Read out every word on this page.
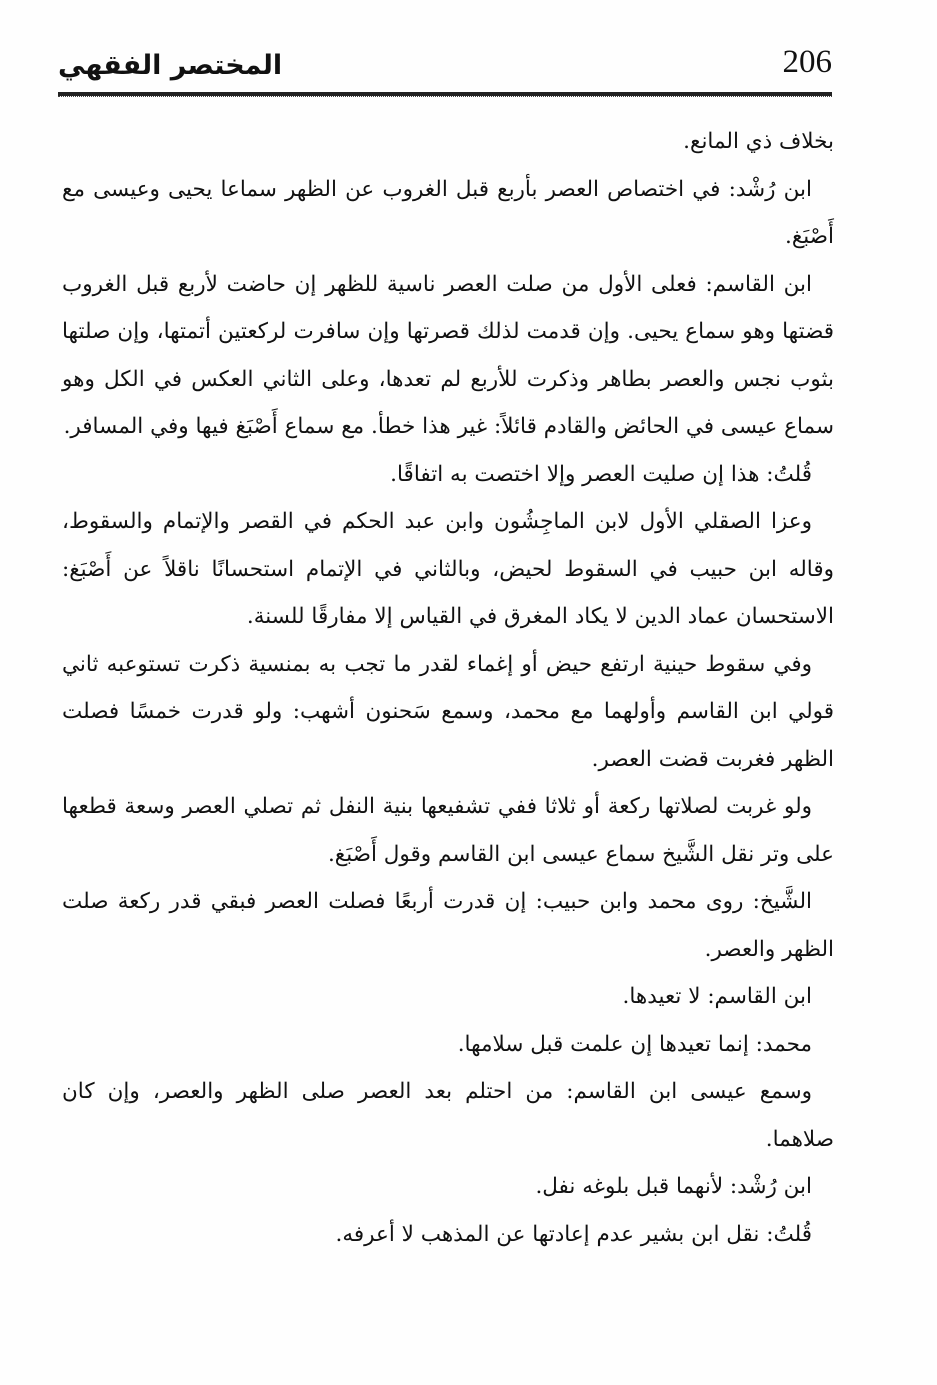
206
المختصر الفقهي

بخلاف ذي المانع.

ابن رُشْد: في اختصاص العصر بأربع قبل الغروب عن الظهر سماعا يحيى وعيسى مع أَصْبَغ.

ابن القاسم: فعلى الأول من صلت العصر ناسية للظهر إن حاضت لأربع قبل الغروب قضتها وهو سماع يحيى. وإن قدمت لذلك قصرتها وإن سافرت لركعتين أتمتها، وإن صلتها بثوب نجس والعصر بطاهر وذكرت للأربع لم تعدها، وعلى الثاني العكس في الكل وهو سماع عيسى في الحائض والقادم قائلاً: غير هذا خطأ. مع سماع أَصْبَغ فيها وفي المسافر.

قُلتُ: هذا إن صليت العصر وإلا اختصت به اتفاقًا.

وعزا الصقلي الأول لابن الماجِشُون وابن عبد الحكم في القصر والإتمام والسقوط، وقاله ابن حبيب في السقوط لحيض، وبالثاني في الإتمام استحسانًا ناقلاً عن أَصْبَغ: الاستحسان عماد الدين لا يكاد المغرق في القياس إلا مفارقًا للسنة.

وفي سقوط حينية ارتفع حيض أو إغماء لقدر ما تجب به بمنسية ذكرت تستوعبه ثاني قولي ابن القاسم وأولهما مع محمد، وسمع سَحنون أشهب: ولو قدرت خمسًا فصلت الظهر فغربت قضت العصر.

ولو غربت لصلاتها ركعة أو ثلاثا ففي تشفيعها بنية النفل ثم تصلي العصر وسعة قطعها على وتر نقل الشَّيخ سماع عيسى ابن القاسم وقول أَصْبَغ.

الشَّيخ: روى محمد وابن حبيب: إن قدرت أربعًا فصلت العصر فبقي قدر ركعة صلت الظهر والعصر.

ابن القاسم: لا تعيدها.

محمد: إنما تعيدها إن علمت قبل سلامها.

وسمع عيسى ابن القاسم: من احتلم بعد العصر صلى الظهر والعصر، وإن كان صلاهما.

ابن رُشْد: لأنهما قبل بلوغه نفل.

قُلتُ: نقل ابن بشير عدم إعادتها عن المذهب لا أعرفه.
